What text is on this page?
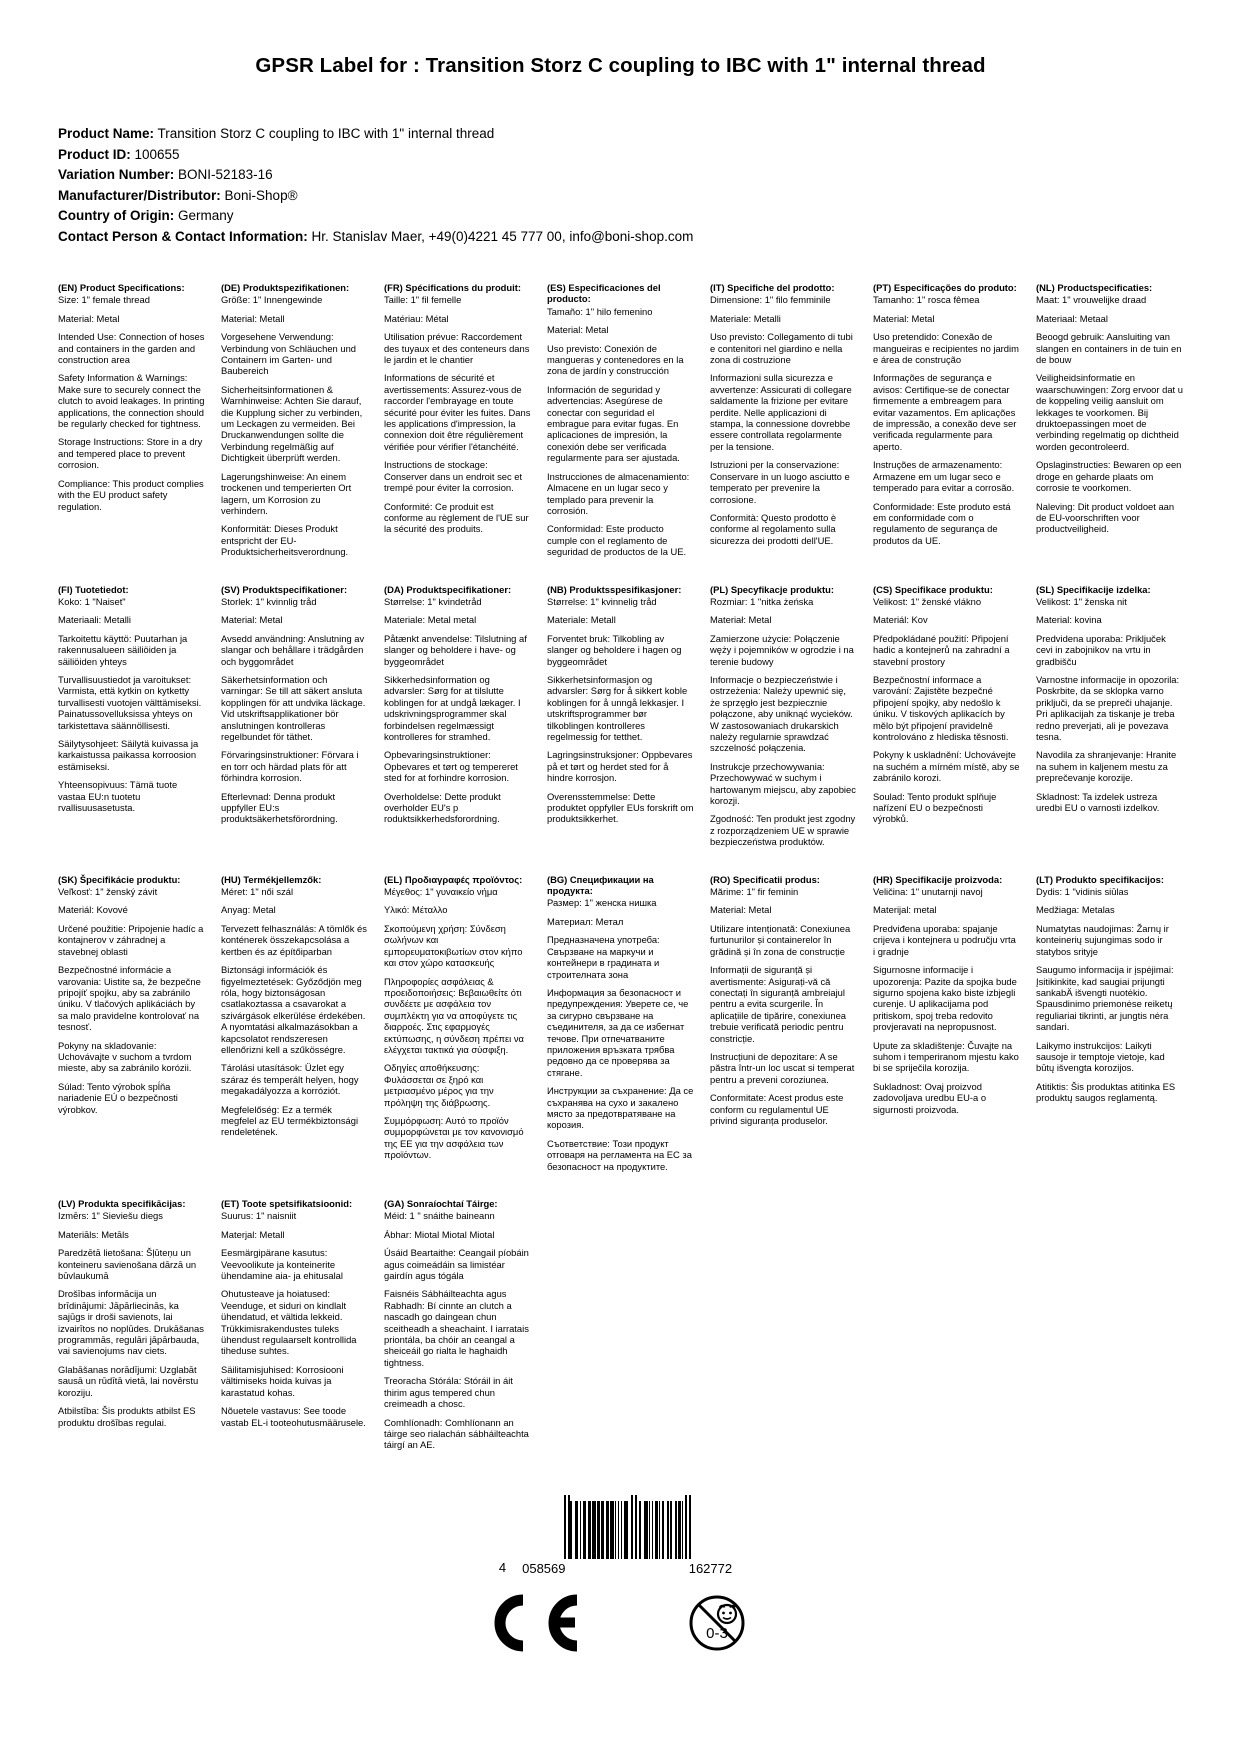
GPSR Label for : Transition Storz C coupling to IBC with 1" internal thread
Product Name: Transition Storz C coupling to IBC with 1" internal thread
Product ID: 100655
Variation Number: BONI-52183-16
Manufacturer/Distributor: Boni-Shop®
Country of Origin: Germany
Contact Person & Contact Information: Hr. Stanislav Maer, +49(0)4221 45 777 00, info@boni-shop.com
(EN) Product Specifications:

Size: 1" female thread

Material: Metal

Intended Use: Connection of hoses and containers in the garden and construction area

Safety Information & Warnings: Make sure to securely connect the clutch to avoid leakages. In printing applications, the connection should be regularly checked for tightness.

Storage Instructions: Store in a dry and tempered place to prevent corrosion.

Compliance: This product complies with the EU product safety regulation.

(DE) Produktspezifikationen:

Größe: 1" Innengewinde

Material: Metall

Vorgesehene Verwendung: Verbindung von Schläuchen und Containern im Garten- und Baubereich

Sicherheitsinformationen & Warnhinweise: Achten Sie darauf, die Kupplung sicher zu verbinden, um Leckagen zu vermeiden. Bei Druckanwendungen sollte die Verbindung regelmäßig auf Dichtigkeit überprüft werden.

Lagerungshinweise: An einem trockenen und temperierten Ort lagern, um Korrosion zu verhindern.

Konformität: Dieses Produkt entspricht der EU-Produktsicherheitsverordnung.

(FR) Spécifications du produit:

Taille: 1" fil femelle

Matériau: Métal

Utilisation prévue: Raccordement des tuyaux et des conteneurs dans le jardin et le chantier

Informations de sécurité et avertissements: Assurez-vous de raccorder l'embrayage en toute sécurité pour éviter les fuites. Dans les applications d'impression, la connexion doit être régulièrement vérifiée pour vérifier l'étanchéité.

Instructions de stockage: Conserver dans un endroit sec et trempé pour éviter la corrosion.

Conformité: Ce produit est conforme au règlement de l'UE sur la sécurité des produits.

(ES) Especificaciones del producto:

Tamaño: 1" hilo femenino

Material: Metal

Uso previsto: Conexión de mangueras y contenedores en la zona de jardín y construcción

Información de seguridad y advertencias: Asegúrese de conectar con seguridad el embrague para evitar fugas. En aplicaciones de impresión, la conexión debe ser verificada regularmente para ser ajustada.

Instrucciones de almacenamiento: Almacene en un lugar seco y templado para prevenir la corrosión.

Conformidad: Este producto cumple con el reglamento de seguridad de productos de la UE.

(IT) Specifiche del prodotto:

Dimensione: 1" filo femminile

Materiale: Metalli

Uso previsto: Collegamento di tubi e contenitori nel giardino e nella zona di costruzione

Informazioni sulla sicurezza e avvertenze: Assicurati di collegare saldamente la frizione per evitare perdite. Nelle applicazioni di stampa, la connessione dovrebbe essere controllata regolarmente per la tensione.

Istruzioni per la conservazione: Conservare in un luogo asciutto e temperato per prevenire la corrosione.

Conformità: Questo prodotto è conforme al regolamento sulla sicurezza dei prodotti dell'UE.

(PT) Especificações do produto:

Tamanho: 1" rosca fêmea

Material: Metal

Uso pretendido: Conexão de mangueiras e recipientes no jardim e área de construção

Informações de segurança e avisos: Certifique-se de conectar firmemente a embreagem para evitar vazamentos. Em aplicações de impressão, a conexão deve ser verificada regularmente para aperto.

Instruções de armazenamento: Armazene em um lugar seco e temperado para evitar a corrosão.

Conformidade: Este produto está em conformidade com o regulamento de segurança de produtos da UE.

(NL) Productspecificaties:

Maat: 1" vrouwelijke draad

Materiaal: Metaal

Beoogd gebruik: Aansluiting van slangen en containers in de tuin en de bouw

Veiligheidsinformatie en waarschuwingen: Zorg ervoor dat u de koppeling veilig aansluit om lekkages te voorkomen. Bij druktoepassingen moet de verbinding regelmatig op dichtheid worden gecontroleerd.

Opslaginstructies: Bewaren op een droge en geharde plaats om corrosie te voorkomen.

Naleving: Dit product voldoet aan de EU-voorschriften voor productveiligheid.

(FI) Tuotetiedot:

Koko: 1 "Naiset"

Materiaali: Metalli

Tarkoitettu käyttö: Puutarhan ja rakennusalueen säiliöiden ja säiliöiden yhteys

Turvallisuustiedot ja varoitukset: Varmista, että kytkin on kytketty turvallisesti vuotojen välttämiseksi. Painatussovelluksissa yhteys on tarkistettava säännöllisesti.

Säilytysohjeet: Säilytä kuivassa ja karkaistussa paikassa korroosion estämiseksi.

Yhteensopivuus: Tämä tuote vastaa EU:n tuotetu rvallisuusasetusta.

(SV) Produktspecifikationer:

Storlek: 1" kvinnlig tråd

Material: Metal

Avsedd användning: Anslutning av slangar och behållare i trädgården och byggområdet

Säkerhetsinformation och varningar: Se till att säkert ansluta kopplingen för att undvika läckage. Vid utskriftsapplikationer bör anslutningen kontrolleras regelbundet för täthet.

Förvaringsinstruktioner: Förvara i en torr och härdad plats för att förhindra korrosion.

Efterlevnad: Denna produkt uppfyller EU:s produktsäkerhetsförordning.

(DA) Produktspecifikationer:

Størrelse: 1" kvindetråd

Materiale: Metal metal

Påtænkt anvendelse: Tilslutning af slanger og beholdere i have- og byggeområdet

Sikkerhedsinformation og advarsler: Sørg for at tilslutte koblingen for at undgå lækager. I udskrivningsprogrammer skal forbindelsen regelmæssigt kontrolleres for stramhed.

Opbevaringsinstruktioner: Opbevares et tørt og tempereret sted for at forhindre korrosion.

Overholdelse: Dette produkt overholder EU's p roduktsikkerhedsforordning.

(NB) Produktsspesifikasjoner:

Størrelse: 1" kvinnelig tråd

Materiale: Metall

Forventet bruk: Tilkobling av slanger og beholdere i hagen og byggeområdet

Sikkerhetsinformasjon og advarsler: Sørg for å sikkert koble koblingen for å unngå lekkasjer. I utskriftsprogrammer bør tilkoblingen kontrolleres regelmessig for tetthet.

Lagringsinstruksjoner: Oppbevares på et tørt og herdet sted for å hindre korrosjon.

Overensstemmelse: Dette produktet oppfyller EUs forskrift om produktsikkerhet.

(PL) Specyfikacje produktu:

Rozmiar: 1 "nitka żeńska

Materiał: Metal

Zamierzone użycie: Połączenie węży i pojemników w ogrodzie i na terenie budowy

Informacje o bezpieczeństwie i ostrzeżenia: Należy upewnić się, że sprzęgło jest bezpiecznie połączone, aby uniknąć wycieków. W zastosowaniach drukarskich należy regularnie sprawdzać szczelność połączenia.

Instrukcje przechowywania: Przechowywać w suchym i hartowanym miejscu, aby zapobiec korozji.

Zgodność: Ten produkt jest zgodny z rozporządzeniem UE w sprawie bezpieczeństwa produktów.

(CS) Specifikace produktu:

Velikost: 1" ženské vlákno

Materiál: Kov

Předpokládané použití: Připojení hadic a kontejnerů na zahradní a stavební prostory

Bezpečnostní informace a varování: Zajistěte bezpečné připojení spojky, aby nedošlo k úniku. V tiskových aplikacích by mělo být připojení pravidelně kontrolováno z hlediska těsnosti.

Pokyny k uskladnění: Uchovávejte na suchém a mírném místě, aby se zabránilo korozi.

Soulad: Tento produkt splňuje nařízení EU o bezpečnosti výrobků.

(SL) Specifikacije izdelka:

Velikost: 1" ženska nit

Material: kovina

Predvidena uporaba: Priključek cevi in zabojnikov na vrtu in gradbišču

Varnostne informacije in opozorila: Poskrbite, da se sklopka varno priključi, da se prepreči uhajanje. Pri aplikacijah za tiskanje je treba redno preverjati, ali je povezava tesna.

Navodila za shranjevanje: Hranite na suhem in kaljenem mestu za preprečevanje korozije.

Skladnost: Ta izdelek ustreza uredbi EU o varnosti izdelkov.

(SK) Špecifikácie produktu:

Veľkosť: 1" ženský závit

Materiál: Kovové

Určené použitie: Pripojenie hadíc a kontajnerov v záhradnej a stavebnej oblasti

Bezpečnostné informácie a varovania: Uistite sa, že bezpečne pripojíť spojku, aby sa zabránilo úniku. V tlačových aplikáciách by sa malo pravidelne kontrolovať na tesnosť.

Pokyny na skladovanie: Uchovávajte v suchom a tvrdom mieste, aby sa zabránilo korózii.

Súlad: Tento výrobok spĺňa nariadenie EÚ o bezpečnosti výrobkov.

(HU) Termékjellemzők:

Méret: 1" női szál

Anyag: Metal

Tervezett felhasználás: A tömlők és konténerek összekapcsolása a kertben és az építőiparban

Biztonsági információk és figyelmeztetések: Győződjön meg róla, hogy biztonságosan csatlakoztassa a csavarokat a szivárgások elkerülése érdekében. A nyomtatási alkalmazásokban a kapcsolatot rendszeresen ellenőrizni kell a szűkösségre.

Tárolási utasítások: Üzlet egy száraz és temperált helyen, hogy megakadályozza a korróziót.

Megfelelőség: Ez a termék megfelel az EU termékbiztonsági rendeletének.

(EL) Προδιαγραφές προϊόντος:

Μέγεθος: 1" γυναικείο νήμα

Υλικό: Μέταλλο

Σκοπούμενη χρήση: Σύνδεση σωλήνων και εμπορευματοκιβωτίων στον κήπο και στον χώρο κατασκευής

Πληροφορίες ασφάλειας & προειδοποιήσεις: Βεβαιωθείτε ότι συνδέετε με ασφάλεια τον συμπλέκτη για να αποφύγετε τις διαρροές. Στις εφαρμογές εκτύπωσης, η σύνδεση πρέπει να ελέγχεται τακτικά για σύσφιξη.

Οδηγίες αποθήκευσης: Φυλάσσεται σε ξηρό και μετριασμένο μέρος για την πρόληψη της διάβρωσης.

Συμμόρφωση: Αυτό το προϊόν συμμορφώνεται με τον κανονισμό της ΕΕ για την ασφάλεια των προϊόντων.

(BG) Спецификации на продукта:

Размер: 1" женска нишка

Материал: Метал

Предназначена употреба: Свързване на маркучи и контейнери в градината и строителната зона

Информация за безопасност и предупреждения: Уверете се, че за сигурно свързване на съединителя, за да се избегнат течове. При отпечатваните приложения връзката трябва редовно да се проверява за стягане.

Инструкции за съхранение: Да се съхранява на сухо и закалено място за предотвратяване на корозия.

Съответствие: Този продукт отговаря на регламента на ЕС за безопасност на продуктите.

(RO) Specificatii produs:

Mărime: 1" fir feminin

Material: Metal

Utilizare intenționată: Conexiunea furtunurilor și containerelor în grădină și în zona de construcție

Informații de siguranță și avertismente: Asigurați-vă că conectați în siguranță ambreiajul pentru a evita scurgerile. În aplicațiile de tipărire, conexiunea trebuie verificată periodic pentru constricție.

Instrucțiuni de depozitare: A se păstra într-un loc uscat si temperat pentru a preveni coroziunea.

Conformitate: Acest produs este conform cu regulamentul UE privind siguranța produselor.

(HR) Specifikacije proizvoda:

Veličina: 1" unutarnji navoj

Materijal: metal

Predviđena uporaba: spajanje crijeva i kontejnera u području vrta i gradnje

Sigurnosne informacije i upozorenja: Pazite da spojka bude sigurno spojena kako biste izbjegli curenje. U aplikacijama pod pritiskom, spoj treba redovito provjeravati na nepropusnost.

Upute za skladištenje: Čuvajte na suhom i temperiranom mjestu kako bi se spriječila korozija.

Sukladnost: Ovaj proizvod zadovoljava uredbu EU-a o sigurnosti proizvoda.

(LT) Produkto specifikacijos:

Dydis: 1 "vidinis siūlas

Medžiaga: Metalas

Numatytas naudojimas: Žarnų ir konteinerių sujungimas sodo ir statybos srityje

Saugumo informacija ir įspėjimai: Įsitikinkite, kad saugiai prijungti sankabÄ išvengti nuotėkio. Spausdinimo priemonėse reiketų reguliariai tikrinti, ar jungtis nėra sandari.

Laikymo instrukcijos: Laikyti sausoje ir temptoje vietoje, kad būtų išvengta korozijos.

Atitiktis: Šis produktas atitinka ES produktų saugos reglamentą.

(LV) Produkta specifikācijas:

Izmērs: 1" Sieviešu diegs

Materiāls: Metāls

Paredzētā lietošana: Šļūteņu un konteineru savienošana dārzā un būvlaukumā

Drošības informācija un brīdinājumi: Jāpārliecinās, ka sajūgs ir droši savienots, lai izvairītos no noplūdes. Drukāšanas programmās, regulāri jāpārbauda, vai savienojums nav ciets.

Glabāšanas norādījumi: Uzglabāt sausā un rūdītā vietā, lai novērstu koroziju.

Atbilstība: Šis produkts atbilst ES produktu drošības regulai.

(ET) Toote spetsifikatsioonid:

Suurus: 1" naisniit

Materjal: Metall

Eesmärgipärane kasutus: Veevoolikute ja konteinerite ühendamine aia- ja ehitusalal

Ohutusteave ja hoiatused: Veenduge, et siduri on kindlalt ühendatud, et vältida lekkeid. Trükkimisrakendustes tuleks ühendust regulaarselt kontrollida tiheduse suhtes.

Säilitamisjuhised: Korrosiooni vältimiseks hoida kuivas ja karastatud kohas.

Nõuetele vastavus: See toode vastab EL-i tooteohutusmäärusele.

(GA) Sonraíochtaí Táirge:

Méid: 1 " snáithe baineann

Ábhar: Miotal Miotal Miotal

Úsáid Beartaithe: Ceangail píobáin agus coimeádáin sa limistéar gairdín agus tógála

Faisnéis Sábháilteachta agus Rabhadh: Bí cinnte an clutch a nascadh go daingean chun sceitheadh a sheachaint. I iarratais priontála, ba chóir an ceangal a sheiceáil go rialta le haghaidh tightness.

Treoracha Stórála: Stóráil in áit thirim agus tempered chun creimeadh a chosc.

Comhlíonadh: Comhlíonann an táirge seo rialachán sábháilteachta táirgí an AE.

4 058569	162772
0-3
